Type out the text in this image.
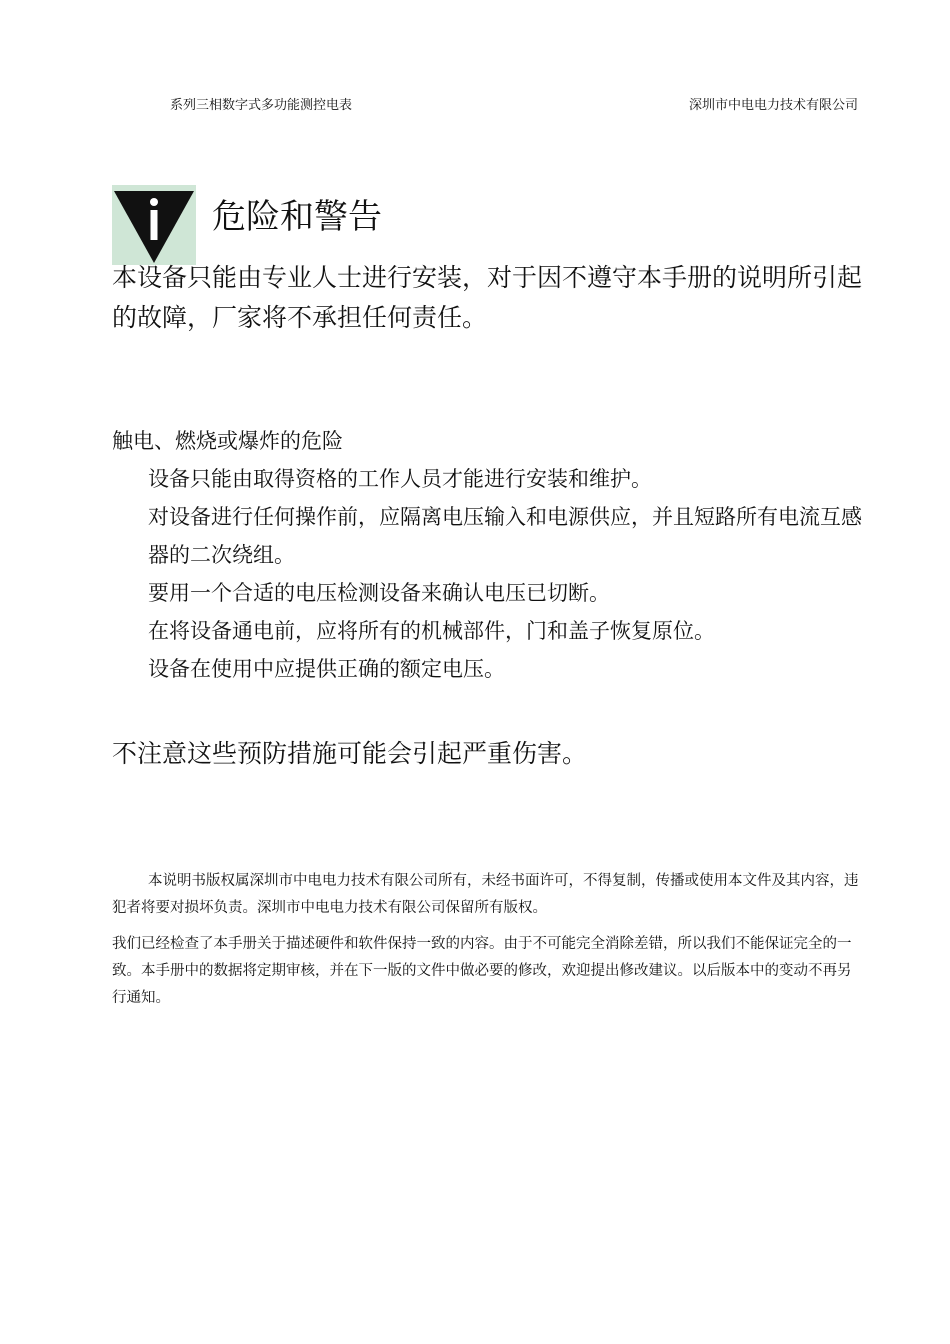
系列三相数字式多功能测控电表	深圳市中电电力技术有限公司
危险和警告

本设备只能由专业人士进行安装，对于因不遵守本手册的说明所引起的故障，厂家将不承担任何责任。

触电、燃烧或爆炸的危险
设备只能由取得资格的工作人员才能进行安装和维护。
对设备进行任何操作前，应隔离电压输入和电源供应，并且短路所有电流互感器的二次绕组。
要用一个合适的电压检测设备来确认电压已切断。
在将设备通电前，应将所有的机械部件，门和盖子恢复原位。
设备在使用中应提供正确的额定电压。
不注意这些预防措施可能会引起严重伤害。

本说明书版权属深圳市中电电力技术有限公司所有，未经书面许可，不得复制，传播或使用本文件及其内容，违犯者将要对损坏负责。深圳市中电电力技术有限公司保留所有版权。

我们已经检查了本手册关于描述硬件和软件保持一致的内容。由于不可能完全消除差错，所以我们不能保证完全的一致。本手册中的数据将定期审核，并在下一版的文件中做必要的修改，欢迎提出修改建议。以后版本中的变动不再另行通知。
